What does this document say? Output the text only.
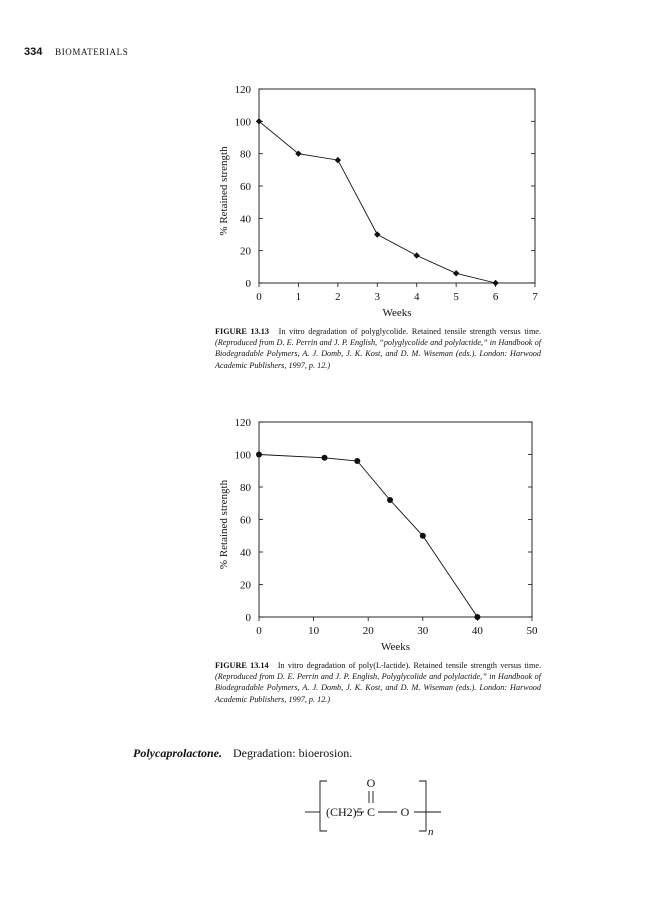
334 BIOMATERIALS
0
20
40
60
80
100
120
0	1	2	3	4	5	6	7
Weeks
% Retained strength
FIGURE 13.13 In vitro degradation of polyglycolide. Retained tensile strength versus time. (Reproduced from D. E. Perrin and J. P. English, “polyglycolide and polylactide,” in Handbook of Biodegradable Polymers, A. J. Domb, J. K. Kost, and D. M. Wiseman (eds.). London: Harwood Academic Publishers, 1997, p. 12.)
0
20
40
60
80
100
120
0	10	20	30	40	50
Weeks
% Retained strength
FIGURE 13.14 In vitro degradation of poly(L-lactide). Retained tensile strength versus time. (Reproduced from D. E. Perrin and J. P. English, Polyglycolide and polylactide,” in Handbook of Biodegradable Polymers, A. J. Domb, J. K. Kost, and D. M. Wiseman (eds.). London: Harwood Academic Publishers, 1997, p. 12.)
Polycaprolactone. Degradation: bioerosion.
O
(CH2)5 C O
n
